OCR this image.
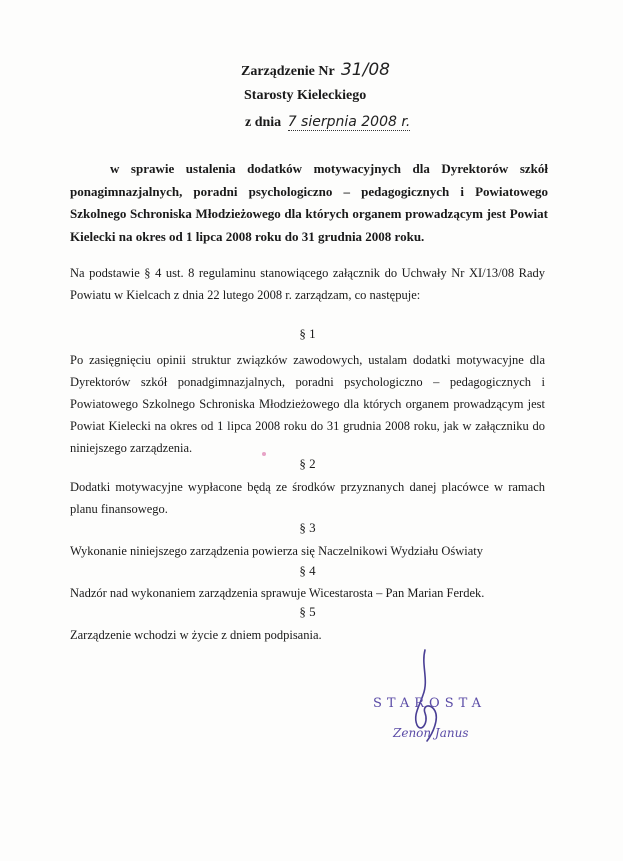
Zarządzenie Nr 31/08
Starosty Kieleckiego
z dnia 7 sierpnia 2008 r.
w sprawie ustalenia dodatków motywacyjnych dla Dyrektorów szkół ponagimnazjalnych, poradni psychologiczno – pedagogicznych i Powiatowego Szkolnego Schroniska Młodzieżowego dla których organem prowadzącym jest Powiat Kielecki na okres od 1 lipca 2008 roku do 31 grudnia 2008 roku.
Na podstawie § 4 ust. 8 regulaminu stanowiącego załącznik do Uchwały Nr XI/13/08 Rady Powiatu w Kielcach z dnia 22 lutego 2008 r. zarządzam, co następuje:
§ 1
Po zasięgnięciu opinii struktur związków zawodowych, ustalam dodatki motywacyjne dla Dyrektorów szkół ponadgimnazjalnych, poradni psychologiczno – pedagogicznych i Powiatowego Szkolnego Schroniska Młodzieżowego dla których organem prowadzącym jest Powiat Kielecki na okres od 1 lipca 2008 roku do 31 grudnia 2008 roku, jak w załączniku do niniejszego zarządzenia.
§ 2
Dodatki motywacyjne wypłacone będą ze środków przyznanych danej placówce w ramach planu finansowego.
§ 3
Wykonanie niniejszego zarządzenia powierza się Naczelnikowi Wydziału Oświaty
§ 4
Nadzór nad wykonaniem zarządzenia sprawuje Wicestarosta – Pan Marian Ferdek.
§ 5
Zarządzenie wchodzi w życie z dniem podpisania.
STAROSTA
Zenon Janus
